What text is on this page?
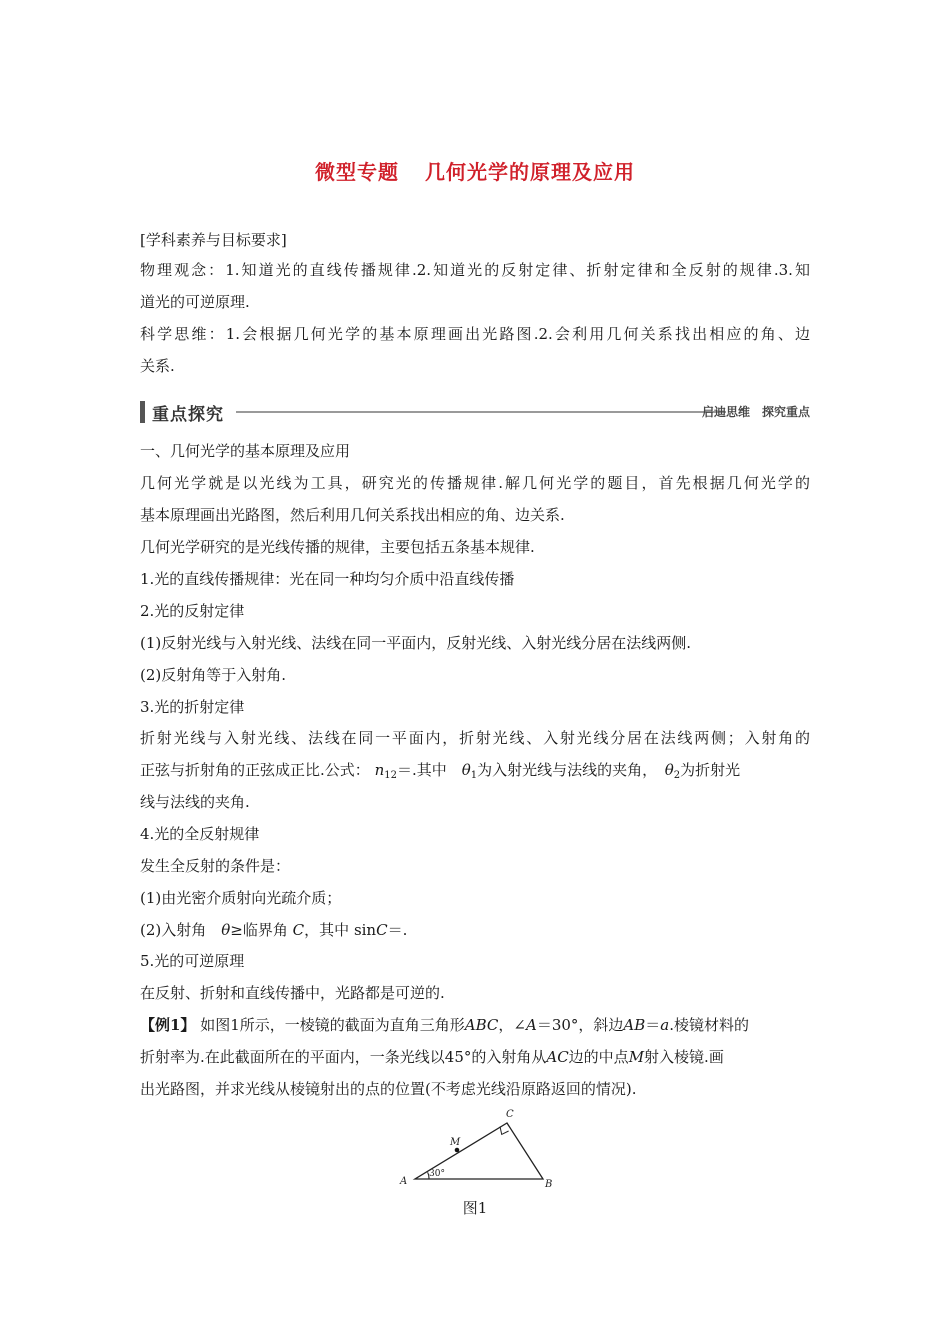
微型专题 几何光学的原理及应用
[学科素养与目标要求]
物理观念：1.知道光的直线传播规律.2.知道光的反射定律、折射定律和全反射的规律.3.知
道光的可逆原理.
科学思维：1.会根据几何光学的基本原理画出光路图.2.会利用几何关系找出相应的角、边
关系.
重点探究	启迪思维　探究重点
一、几何光学的基本原理及应用
几何光学就是以光线为工具，研究光的传播规律.解几何光学的题目，首先根据几何光学的
基本原理画出光路图，然后利用几何关系找出相应的角、边关系.
几何光学研究的是光线传播的规律，主要包括五条基本规律.
1.光的直线传播规律：光在同一种均匀介质中沿直线传播
2.光的反射定律
(1)反射光线与入射光线、法线在同一平面内，反射光线、入射光线分居在法线两侧.
(2)反射角等于入射角.
3.光的折射定律
折射光线与入射光线、法线在同一平面内，折射光线、入射光线分居在法线两侧；入射角的
正弦与折射角的正弦成正比.公式： $n_{12}=$.其中　 $\theta_1$为入射光线与法线的夹角，　 $\theta_2$为折射光
线与法线的夹角.
4.光的全反射规律
发生全反射的条件是：
(1)由光密介质射向光疏介质；
(2)入射角　 θ≥临界角 C，其中 sinC＝.
5.光的可逆原理
在反射、折射和直线传播中，光路都是可逆的.
【例1】 如图1所示，一棱镜的截面为直角三角形ABC，∠A＝30°，斜边AB＝a.棱镜材料的
折射率为.在此截面所在的平面内，一条光线以45°的入射角从AC边的中点M射入棱镜.画
出光路图，并求光线从棱镜射出的点的位置(不考虑光线沿原路返回的情况).
A	B
C
M
30°
图1
